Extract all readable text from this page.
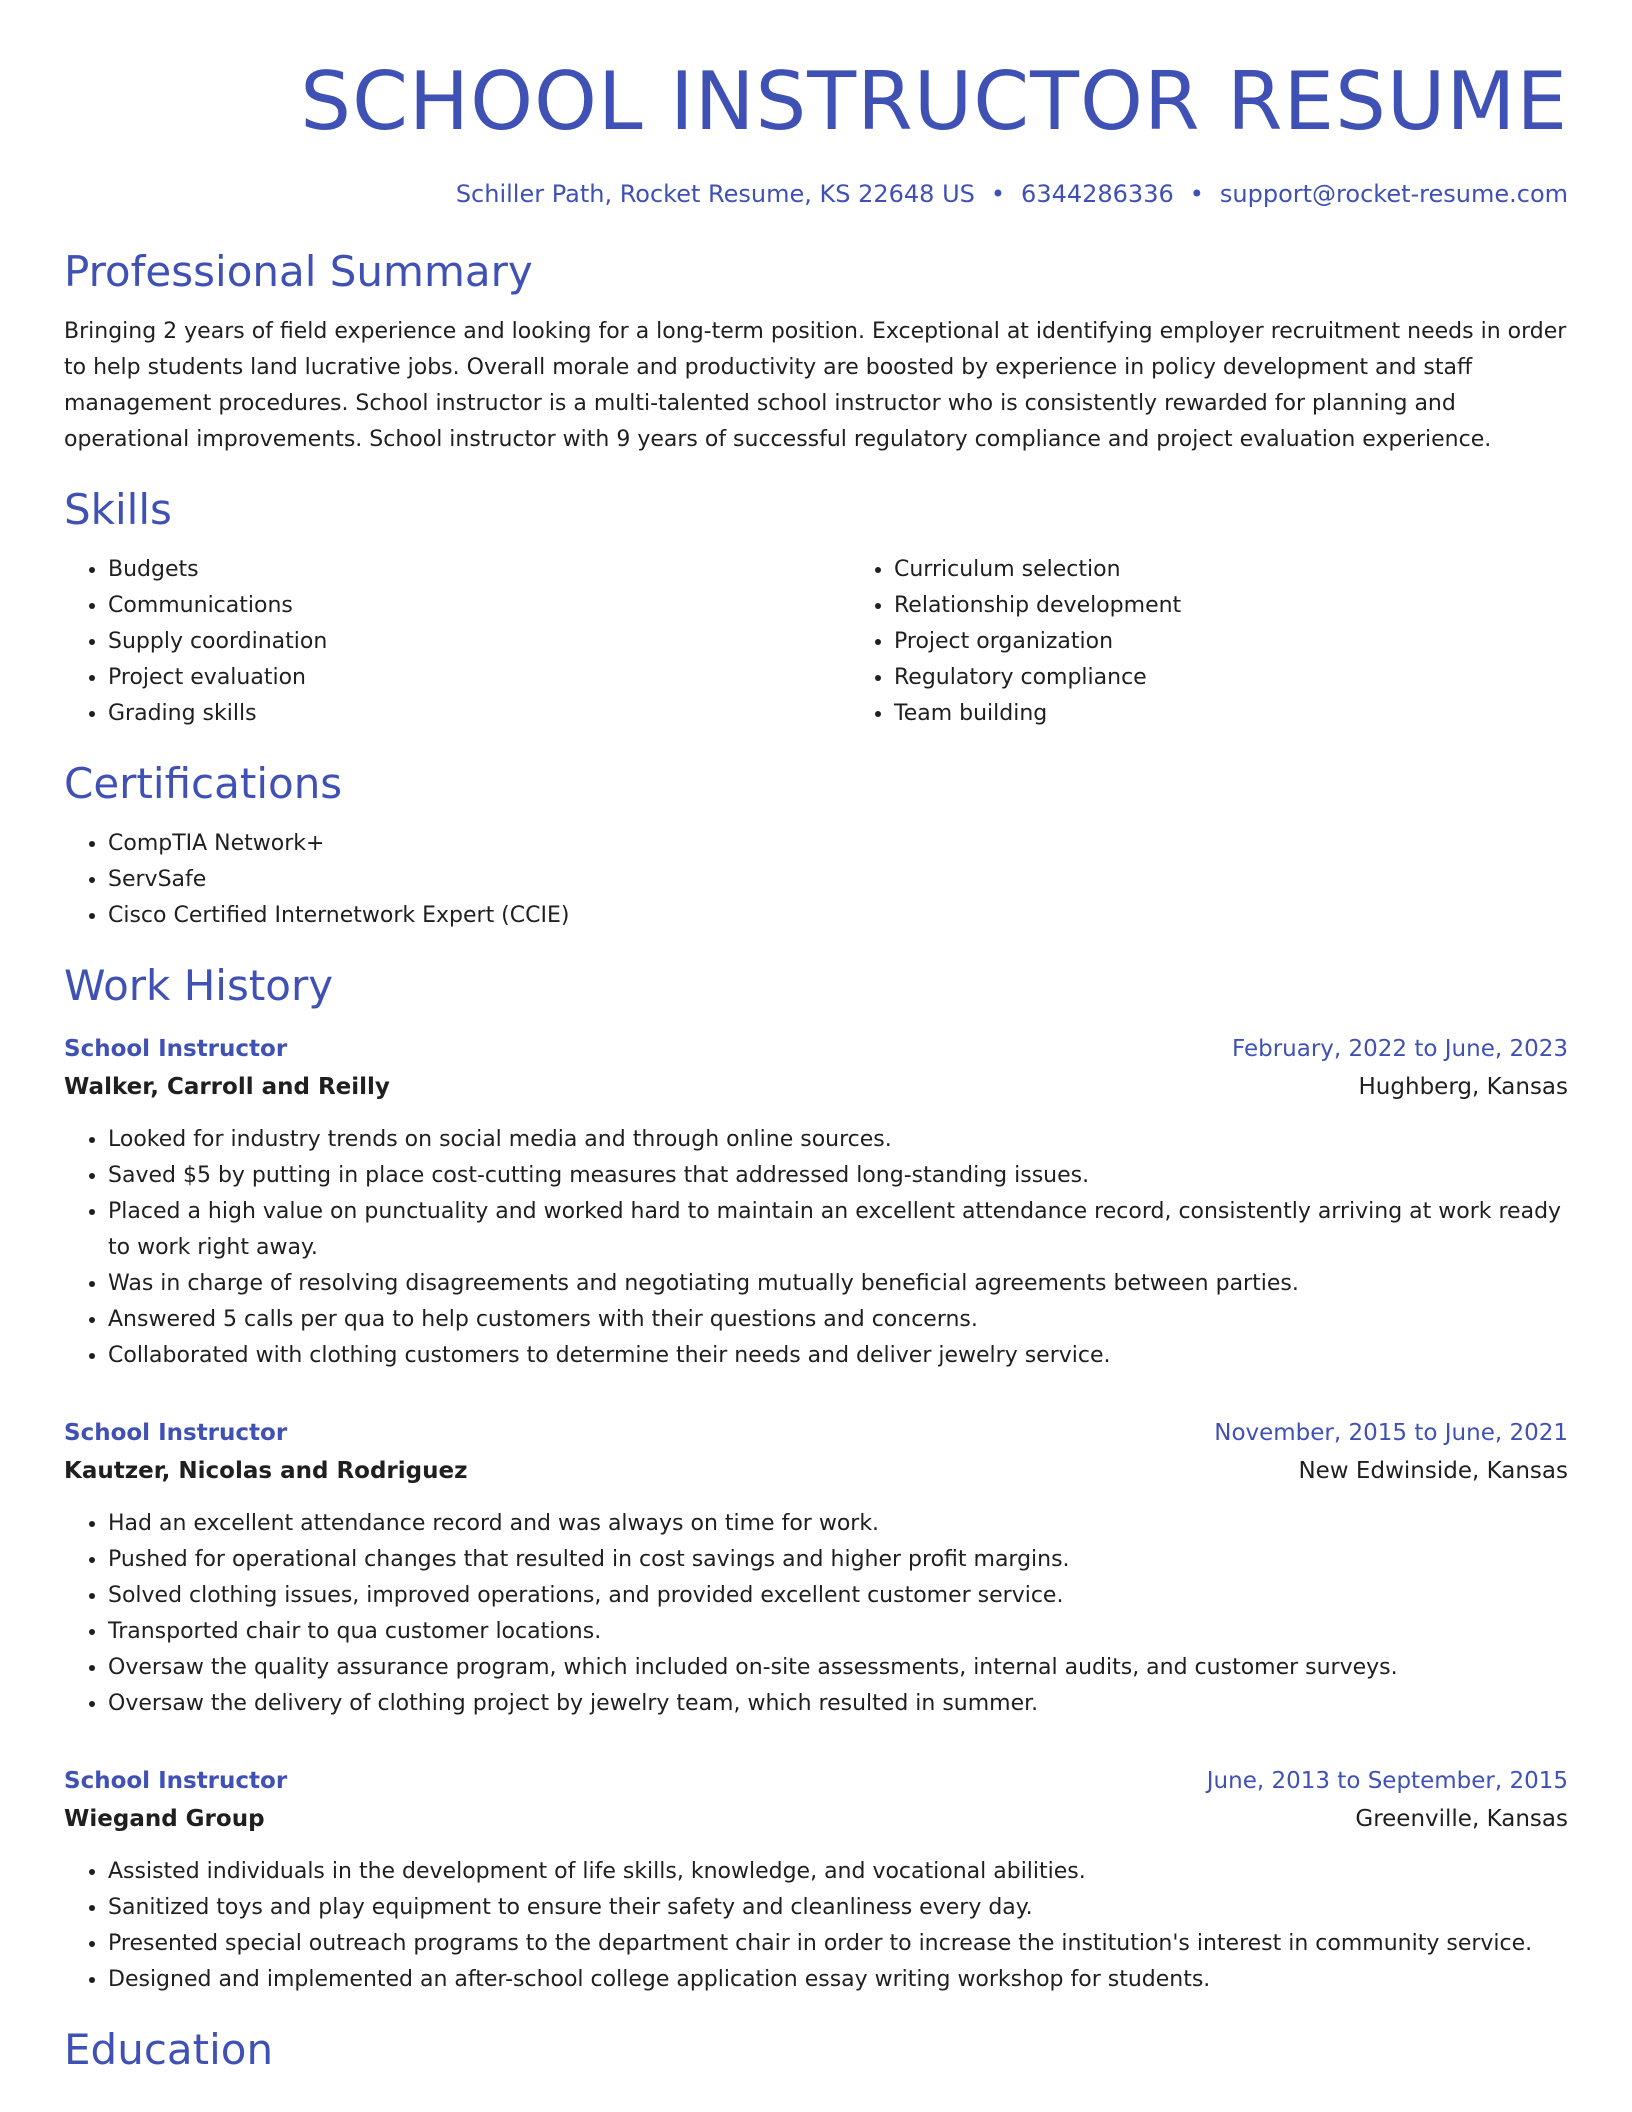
SCHOOL INSTRUCTOR RESUME
Schiller Path, Rocket Resume, KS 22648 US • 6344286336 • support@rocket-resume.com
Professional Summary

Bringing 2 years of field experience and looking for a long-term position. Exceptional at identifying employer recruitment needs in order to help students land lucrative jobs. Overall morale and productivity are boosted by experience in policy development and staff management procedures. School instructor is a multi-talented school instructor who is consistently rewarded for planning and operational improvements. School instructor with 9 years of successful regulatory compliance and project evaluation experience.

Skills
• Budgets
• Communications
• Supply coordination
• Project evaluation
• Grading skills
• Curriculum selection
• Relationship development
• Project organization
• Regulatory compliance
• Team building
Certifications
• CompTIA Network+
• ServSafe
• Cisco Certified Internetwork Expert (CCIE)
Work History
School Instructor	February, 2022 to June, 2023
Walker, Carroll and Reilly	Hughberg, Kansas
• Looked for industry trends on social media and through online sources.
• Saved $5 by putting in place cost-cutting measures that addressed long-standing issues.
• Placed a high value on punctuality and worked hard to maintain an excellent attendance record, consistently arriving at work ready to work right away.
• Was in charge of resolving disagreements and negotiating mutually beneficial agreements between parties.
• Answered 5 calls per qua to help customers with their questions and concerns.
• Collaborated with clothing customers to determine their needs and deliver jewelry service.
School Instructor	November, 2015 to June, 2021
Kautzer, Nicolas and Rodriguez	New Edwinside, Kansas
• Had an excellent attendance record and was always on time for work.
• Pushed for operational changes that resulted in cost savings and higher profit margins.
• Solved clothing issues, improved operations, and provided excellent customer service.
• Transported chair to qua customer locations.
• Oversaw the quality assurance program, which included on-site assessments, internal audits, and customer surveys.
• Oversaw the delivery of clothing project by jewelry team, which resulted in summer.
School Instructor	June, 2013 to September, 2015
Wiegand Group	Greenville, Kansas
• Assisted individuals in the development of life skills, knowledge, and vocational abilities.
• Sanitized toys and play equipment to ensure their safety and cleanliness every day.
• Presented special outreach programs to the department chair in order to increase the institution's interest in community service.
• Designed and implemented an after-school college application essay writing workshop for students.
Education
